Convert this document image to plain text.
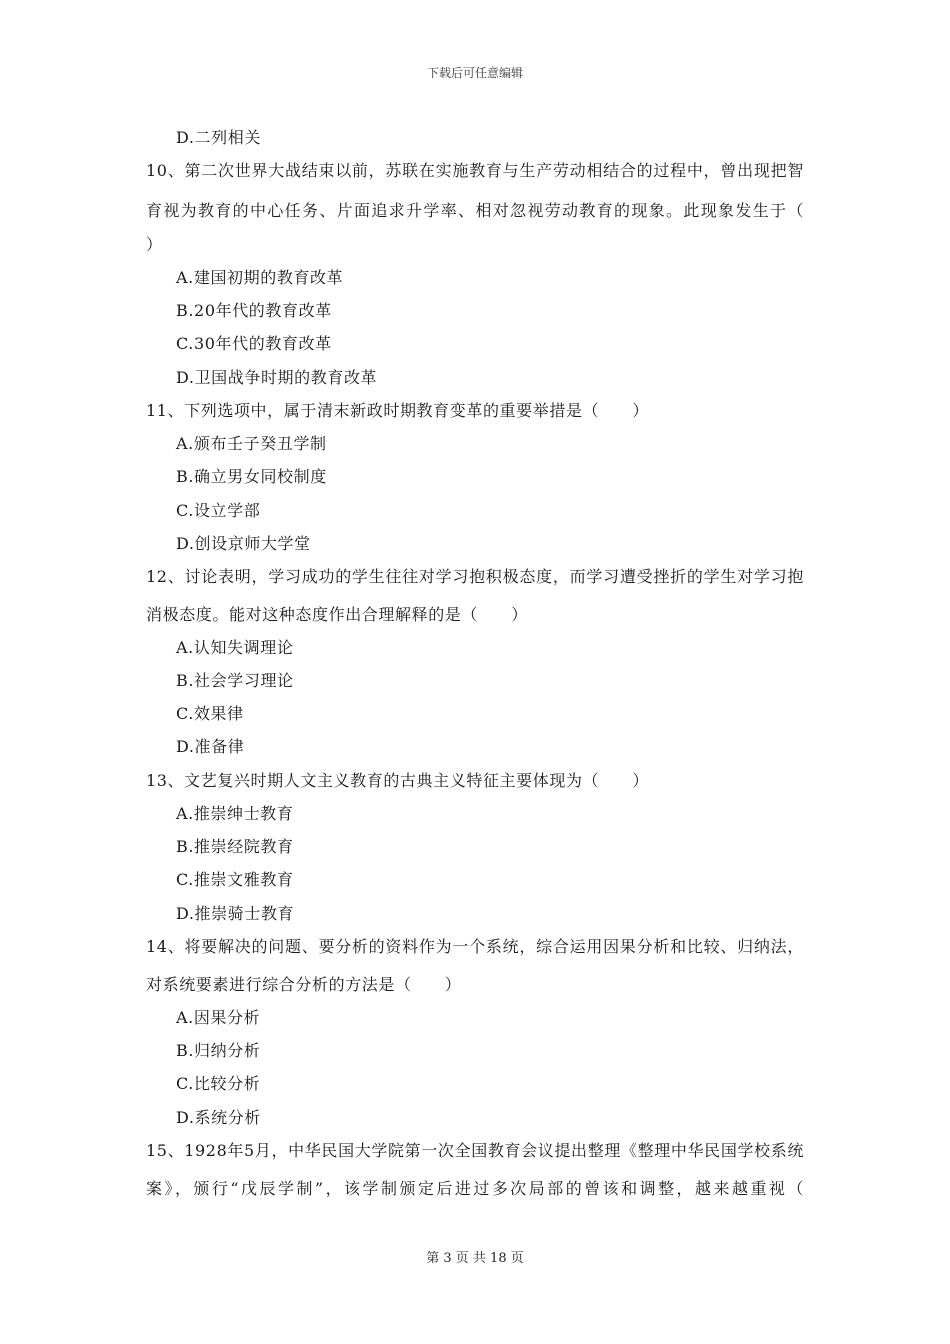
下载后可任意编辑
D.二列相关
10、第二次世界大战结束以前，苏联在实施教育与生产劳动相结合的过程中，曾出现把智
育视为教育的中心任务、片面追求升学率、相对忽视劳动教育的现象。此现象发生于（
）
A.建国初期的教育改革
B.20年代的教育改革
C.30年代的教育改革
D.卫国战争时期的教育改革
11、下列选项中，属于清末新政时期教育变革的重要举措是（　　）
A.颁布壬子癸丑学制
B.确立男女同校制度
C.设立学部
D.创设京师大学堂
12、讨论表明，学习成功的学生往往对学习抱积极态度，而学习遭受挫折的学生对学习抱
消极态度。能对这种态度作出合理解释的是（　　）
A.认知失调理论
B.社会学习理论
C.效果律
D.准备律
13、文艺复兴时期人文主义教育的古典主义特征主要体现为（　　）
A.推崇绅士教育
B.推崇经院教育
C.推崇文雅教育
D.推崇骑士教育
14、将要解决的问题、要分析的资料作为一个系统，综合运用因果分析和比较、归纳法，
对系统要素进行综合分析的方法是（　　）
A.因果分析
B.归纳分析
C.比较分析
D.系统分析
15、1928年5月，中华民国大学院第一次全国教育会议提出整理《整理中华民国学校系统
案》，颁行“戊辰学制”，该学制颁定后进过多次局部的曾该和调整，越来越重视（
第 3 页 共 18 页
